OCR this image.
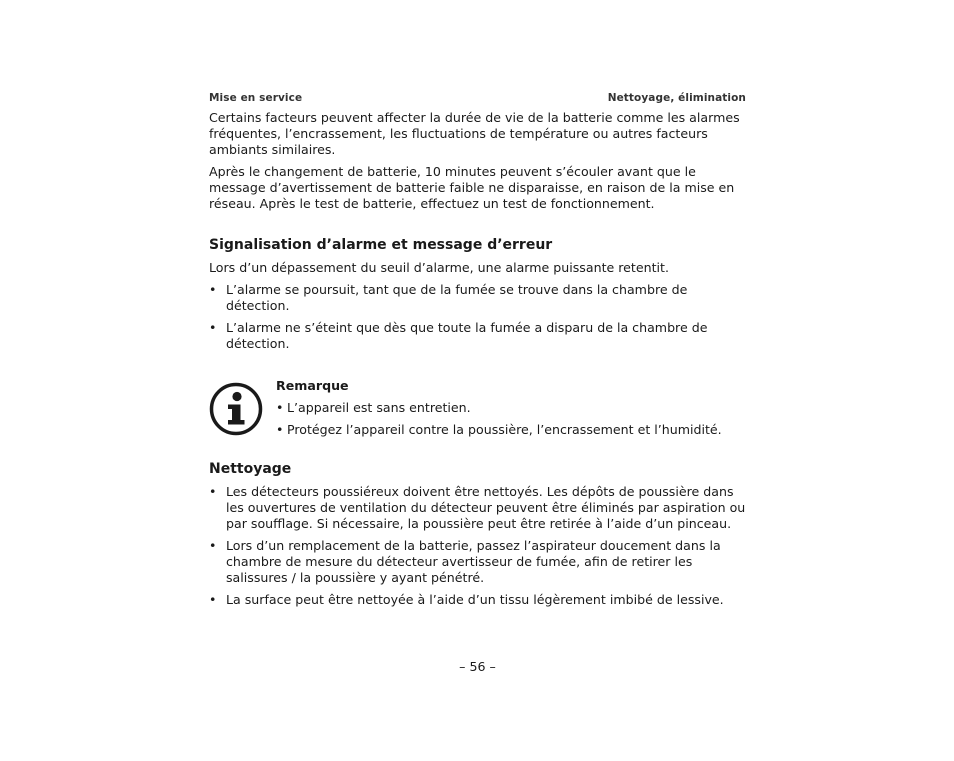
Mise en service	Nettoyage, élimination

Certains facteurs peuvent affecter la durée de vie de la batterie comme les alarmes fréquentes, l’encrassement, les fluctuations de température ou autres facteurs ambiants similaires.

Après le changement de batterie, 10 minutes peuvent s’écouler avant que le message d’avertissement de batterie faible ne disparaisse, en raison de la mise en réseau. Après le test de batterie, effectuez un test de fonctionnement.

Signalisation d’alarme et message d’erreur

Lors d’un dépassement du seuil d’alarme, une alarme puissante retentit.

• L’alarme se poursuit, tant que de la fumée se trouve dans la chambre de détection.
• L’alarme ne s’éteint que dès que toute la fumée a disparu de la chambre de détection.
Remarque
• L’appareil est sans entretien.
• Protégez l’appareil contre la poussière, l’encrassement et l’humidité.
Nettoyage
• Les détecteurs poussiéreux doivent être nettoyés. Les dépôts de poussière dans les ouvertures de ventilation du détecteur peuvent être éliminés par aspiration ou par soufflage. Si nécessaire, la poussière peut être retirée à l’aide d’un pinceau.
• Lors d’un remplacement de la batterie, passez l’aspirateur doucement dans la chambre de mesure du détecteur avertisseur de fumée, afin de retirer les salissures / la poussière y ayant pénétré.
• La surface peut être nettoyée à l’aide d’un tissu légèrement imbibé de lessive.
– 56 –
